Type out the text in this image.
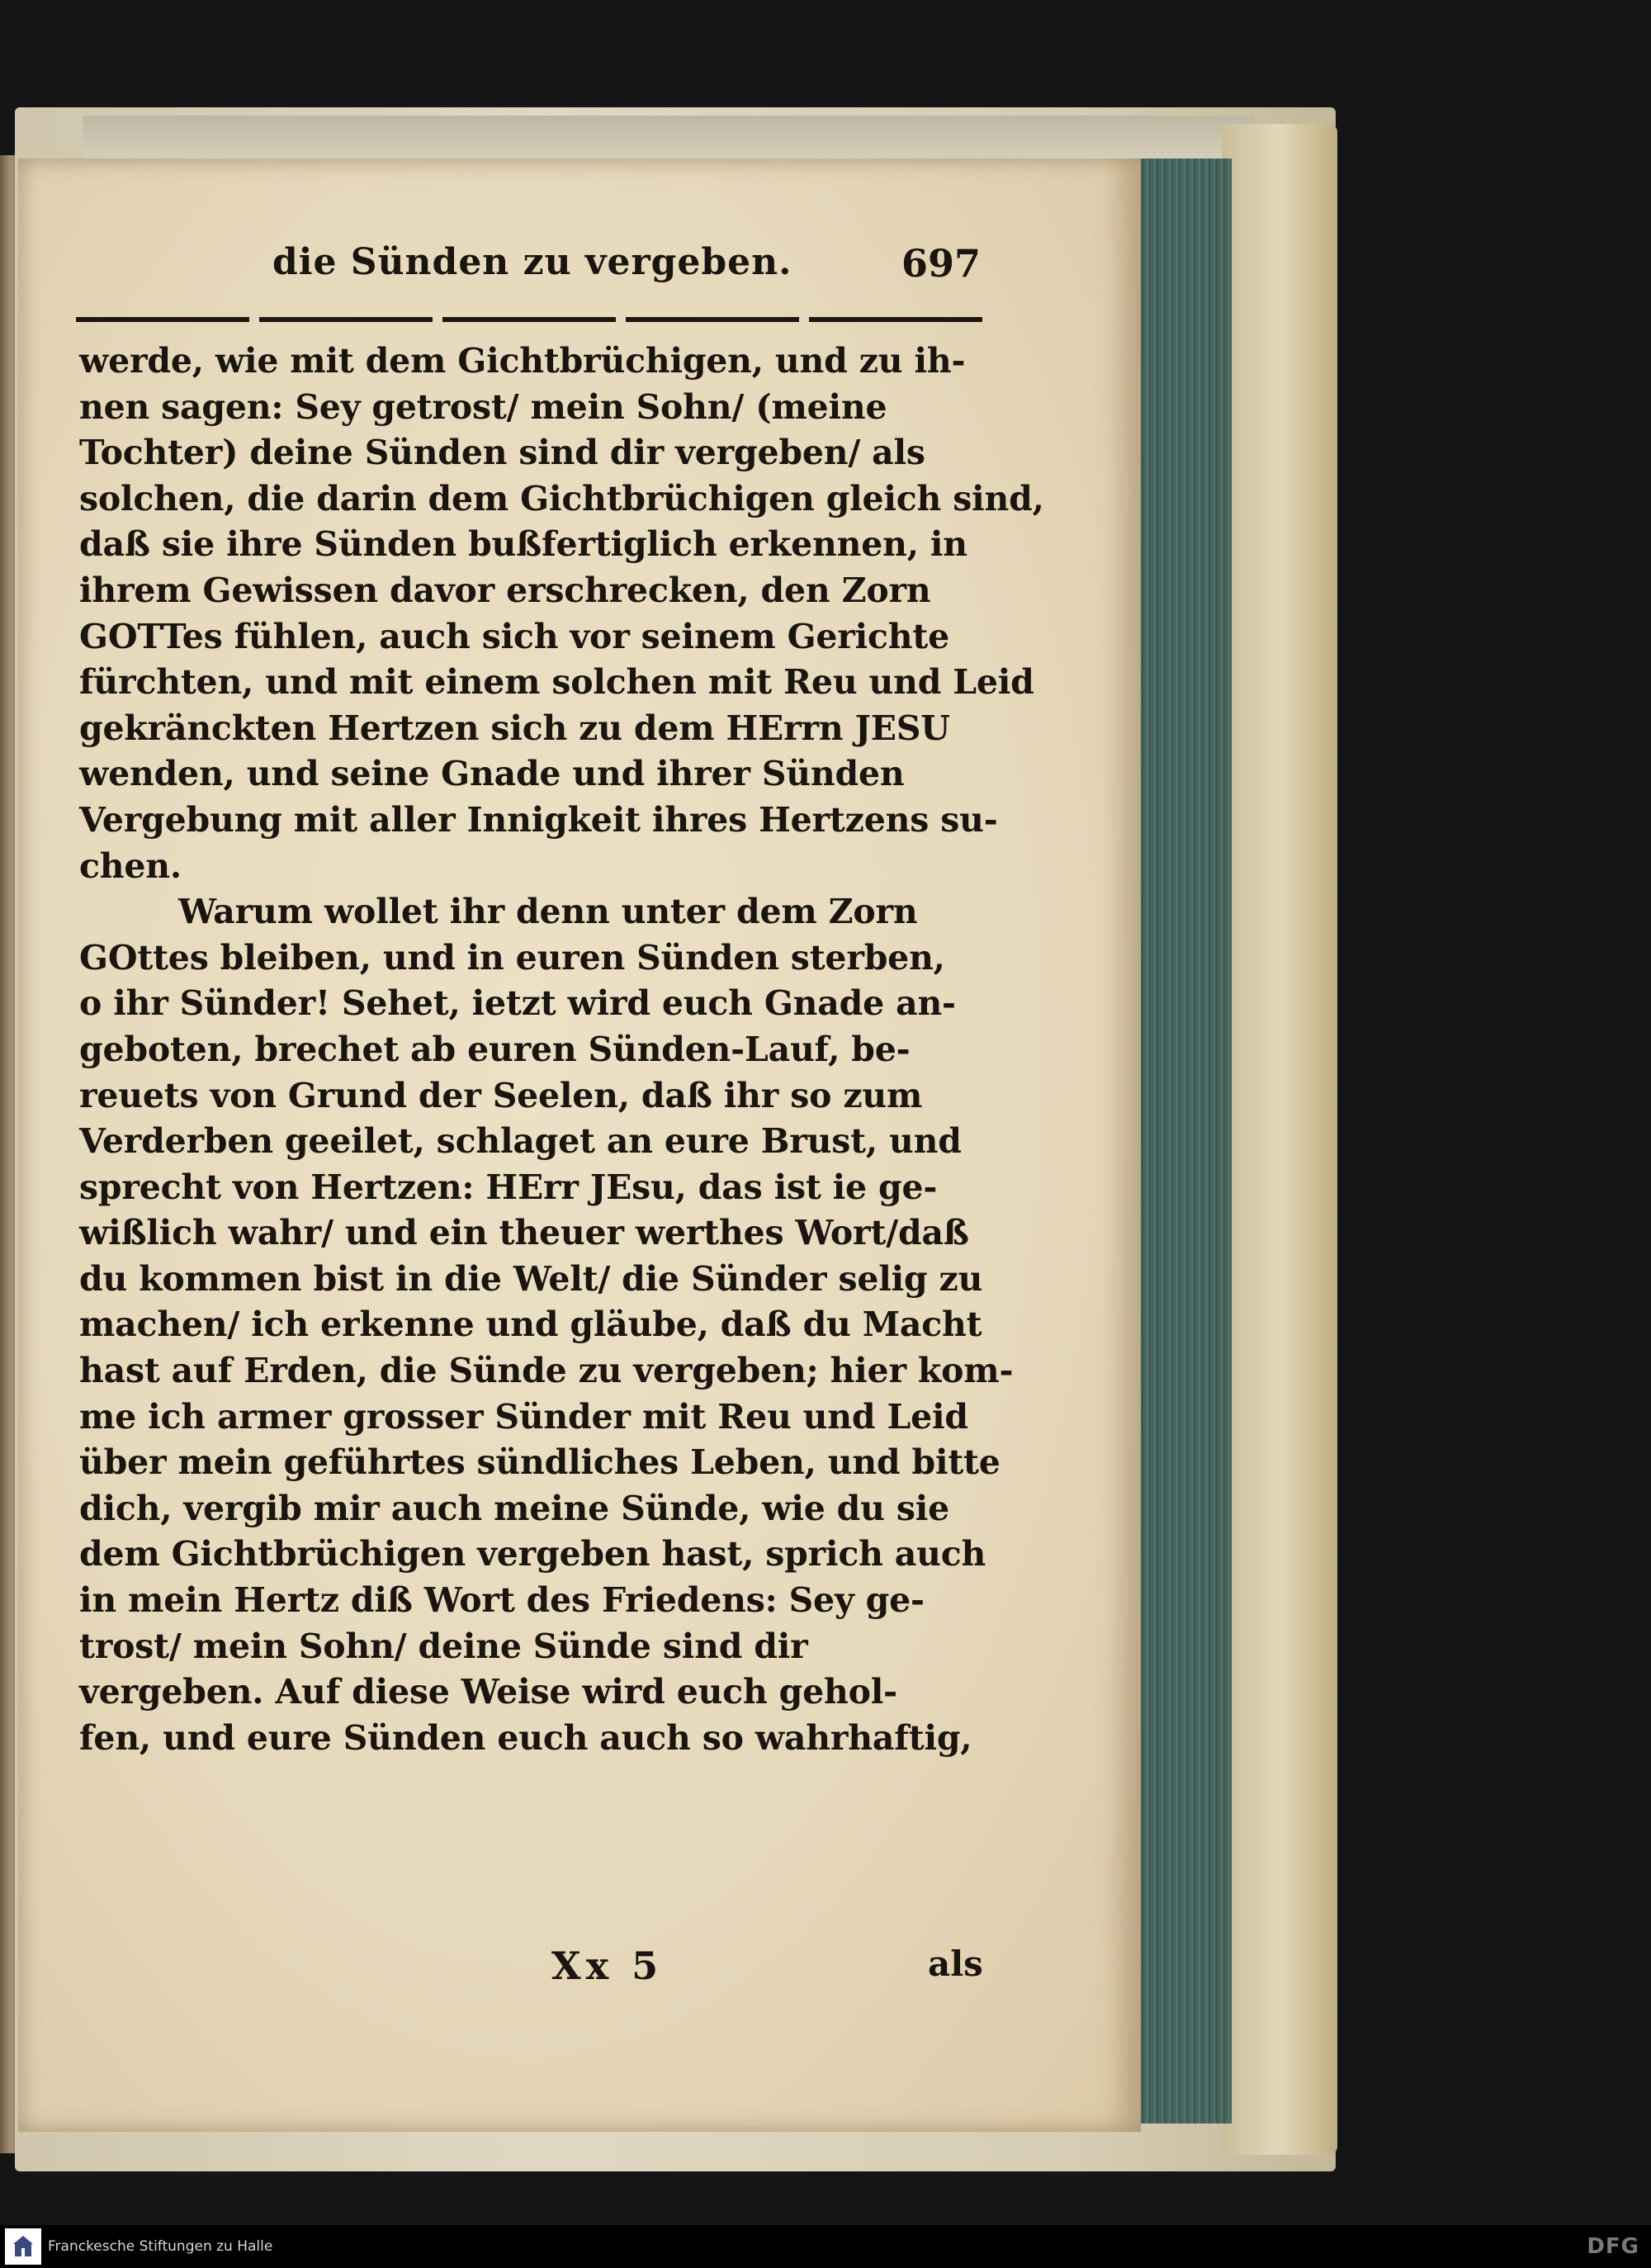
die Sünden zu vergeben.	697
werde, wie mit dem Gichtbrüchigen, und zu ih-
nen sagen: Sey getrost/ mein Sohn/ (meine
Tochter) deine Sünden sind dir vergeben/ als
solchen, die darin dem Gichtbrüchigen gleich sind,
daß sie ihre Sünden bußfertiglich erkennen, in
ihrem Gewissen davor erschrecken, den Zorn
GOTTes fühlen, auch sich vor seinem Gerichte
fürchten, und mit einem solchen mit Reu und Leid
gekränckten Hertzen sich zu dem HErrn JESU
wenden, und seine Gnade und ihrer Sünden
Vergebung mit aller Innigkeit ihres Hertzens su-
chen.
Warum wollet ihr denn unter dem Zorn
GOttes bleiben, und in euren Sünden sterben,
o ihr Sünder! Sehet, ietzt wird euch Gnade an-
geboten, brechet ab euren Sünden-Lauf, be-
reuets von Grund der Seelen, daß ihr so zum
Verderben geeilet, schlaget an eure Brust, und
sprecht von Hertzen: HErr JEsu, das ist ie ge-
wißlich wahr/ und ein theuer werthes Wort/daß
du kommen bist in die Welt/ die Sünder selig zu
machen/ ich erkenne und gläube, daß du Macht
hast auf Erden, die Sünde zu vergeben; hier kom-
me ich armer grosser Sünder mit Reu und Leid
über mein geführtes sündliches Leben, und bitte
dich, vergib mir auch meine Sünde, wie du sie
dem Gichtbrüchigen vergeben hast, sprich auch
in mein Hertz diß Wort des Friedens: Sey ge-
trost/ mein Sohn/ deine Sünde sind dir
vergeben. Auf diese Weise wird euch gehol-
fen, und eure Sünden euch auch so wahrhaftig,
Xx 5	als
Franckesche Stiftungen zu Halle	DFG
